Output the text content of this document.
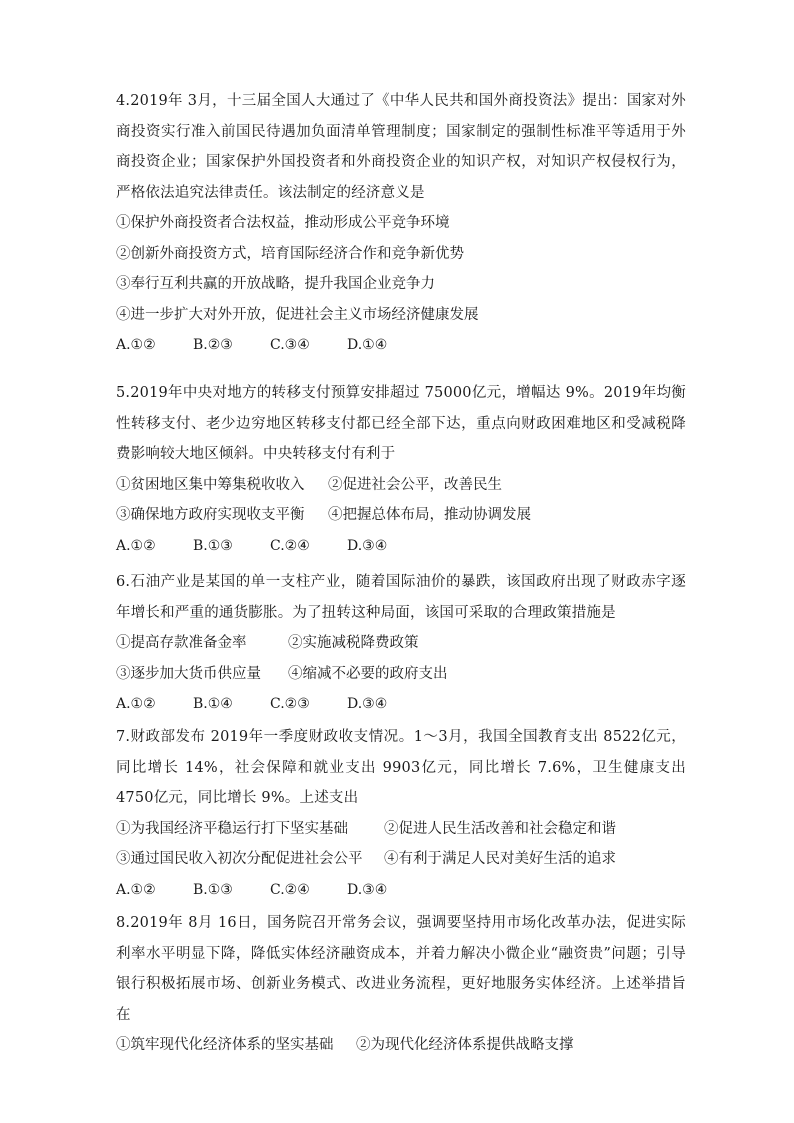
4.2019年 3月，十三届全国人大通过了《中华人民共和国外商投资法》提出：国家对外商投资实行准入前国民待遇加负面清单管理制度；国家制定的强制性标准平等适用于外商投资企业；国家保护外国投资者和外商投资企业的知识产权，对知识产权侵权行为，严格依法追究法律责任。该法制定的经济意义是

①保护外商投资者合法权益，推动形成公平竞争环境

②创新外商投资方式，培育国际经济合作和竞争新优势

③奉行互利共赢的开放战略，提升我国企业竞争力

④进一步扩大对外开放，促进社会主义市场经济健康发展

A.①②	B.②③	C.③④	D.①④

5.2019年中央对地方的转移支付预算安排超过 75000亿元，增幅达 9%。2019年均衡性转移支付、老少边穷地区转移支付都已经全部下达，重点向财政困难地区和受减税降费影响较大地区倾斜。中央转移支付有利于

①贫困地区集中筹集税收收入 ②促进社会公平，改善民生

③确保地方政府实现收支平衡 ④把握总体布局，推动协调发展

A.①②	B.①③	C.②④	D.③④

6.石油产业是某国的单一支柱产业，随着国际油价的暴跌，该国政府出现了财政赤字逐年增长和严重的通货膨胀。为了扭转这种局面，该国可采取的合理政策措施是

①提高存款准备金率	②实施减税降费政策

③逐步加大货币供应量 ④缩减不必要的政府支出

A.①②	B.①④	C.②③	D.③④

7.财政部发布 2019年一季度财政收支情况。1～3月，我国全国教育支出 8522亿元，同比增长 14%，社会保障和就业支出 9903亿元，同比增长 7.6%，卫生健康支出 4750亿元，同比增长 9%。上述支出

①为我国经济平稳运行打下坚实基础 ②促进人民生活改善和社会稳定和谐

③通过国民收入初次分配促进社会公平 ④有利于满足人民对美好生活的追求

A.①②	B.①③	C.②④	D.③④

8.2019年 8月 16日，国务院召开常务会议，强调要坚持用市场化改革办法，促进实际利率水平明显下降，降低实体经济融资成本，并着力解决小微企业“融资贵”问题；引导银行积极拓展市场、创新业务模式、改进业务流程，更好地服务实体经济。上述举措旨在

①筑牢现代化经济体系的坚实基础 ②为现代化经济体系提供战略支撑
